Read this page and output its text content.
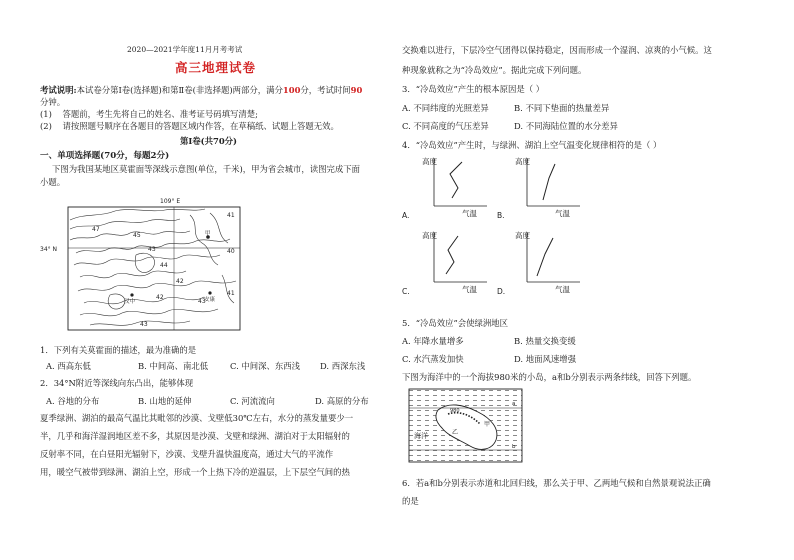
2020—2021学年度11月月考考试
高三地理试卷
考试说明:本试卷分第Ⅰ卷(选择题)和第Ⅱ卷(非选择题)两部分，满分100分，考试时间90
分钟。
(1) 答题前，考生先将自己的姓名、准考证号码填写清楚;
(2) 请按照题号顺序在各题目的答题区域内作答，在草稿纸、试题上答题无效。
第Ⅰ卷(共70分)
一、单项选择题(70分，每题2分)
下图为我国某地区莫霍面等深线示意图(单位，千米)，甲为省会城市，读图完成下面
小题。
109° E
34° N
47
45
41
43
44
42
42
40
43
41
43
甲
汉中	安康
1．下列有关莫霍面的描述，最为准确的是
A. 西高东低	B. 中间高、南北低	C. 中间深、东西浅 D. 西深东浅
2．34°N附近等深线向东凸出，能够体现
A. 谷地的分布	B. 山地的延伸	C. 河流流向	D. 高原的分布
夏季绿洲、湖泊的最高气温比其毗邻的沙漠、戈壁低30℃左右，水分的蒸发量要少一
半，几乎和海洋湿润地区差不多，其原因是沙漠、戈壁和绿洲、湖泊对于太阳辐射的
反射率不同，在白昼阳光辐射下，沙漠、戈壁升温快温度高，通过大气的平流作
用，暖空气被带到绿洲、湖泊上空，形成一个上热下冷的逆温层，上下层空气间的热
交换难以进行，下层冷空气团得以保持稳定，因而形成一个湿润、凉爽的小气候。这
种现象就称之为“冷岛效应”。据此完成下列问题。
3．“冷岛效应”产生的根本原因是（ ）
A. 不同纬度的光照差异	B. 不同下垫面的热量差异
C. 不同高度的气压差异	D. 不同海陆位置的水分差异
4．“冷岛效应”产生时，与绿洲、湖泊上空气温变化规律相符的是（ ）
高度
气温
A.
高度
气温
C.
高度
气温
B.
高度
气温
D.
5．“冷岛效应”会使绿洲地区
A. 年降水量增多	B. 热量交换变缓
C. 水汽蒸发加快	D. 地面风速增强
下图为海洋中的一个海拔980米的小岛，a和b分别表示两条纬线，回答下列题。
海洋
980
甲
乙
a
b
6．若a和b分别表示赤道和北回归线，那么关于甲、乙两地气候和自然景观说法正确
的是
